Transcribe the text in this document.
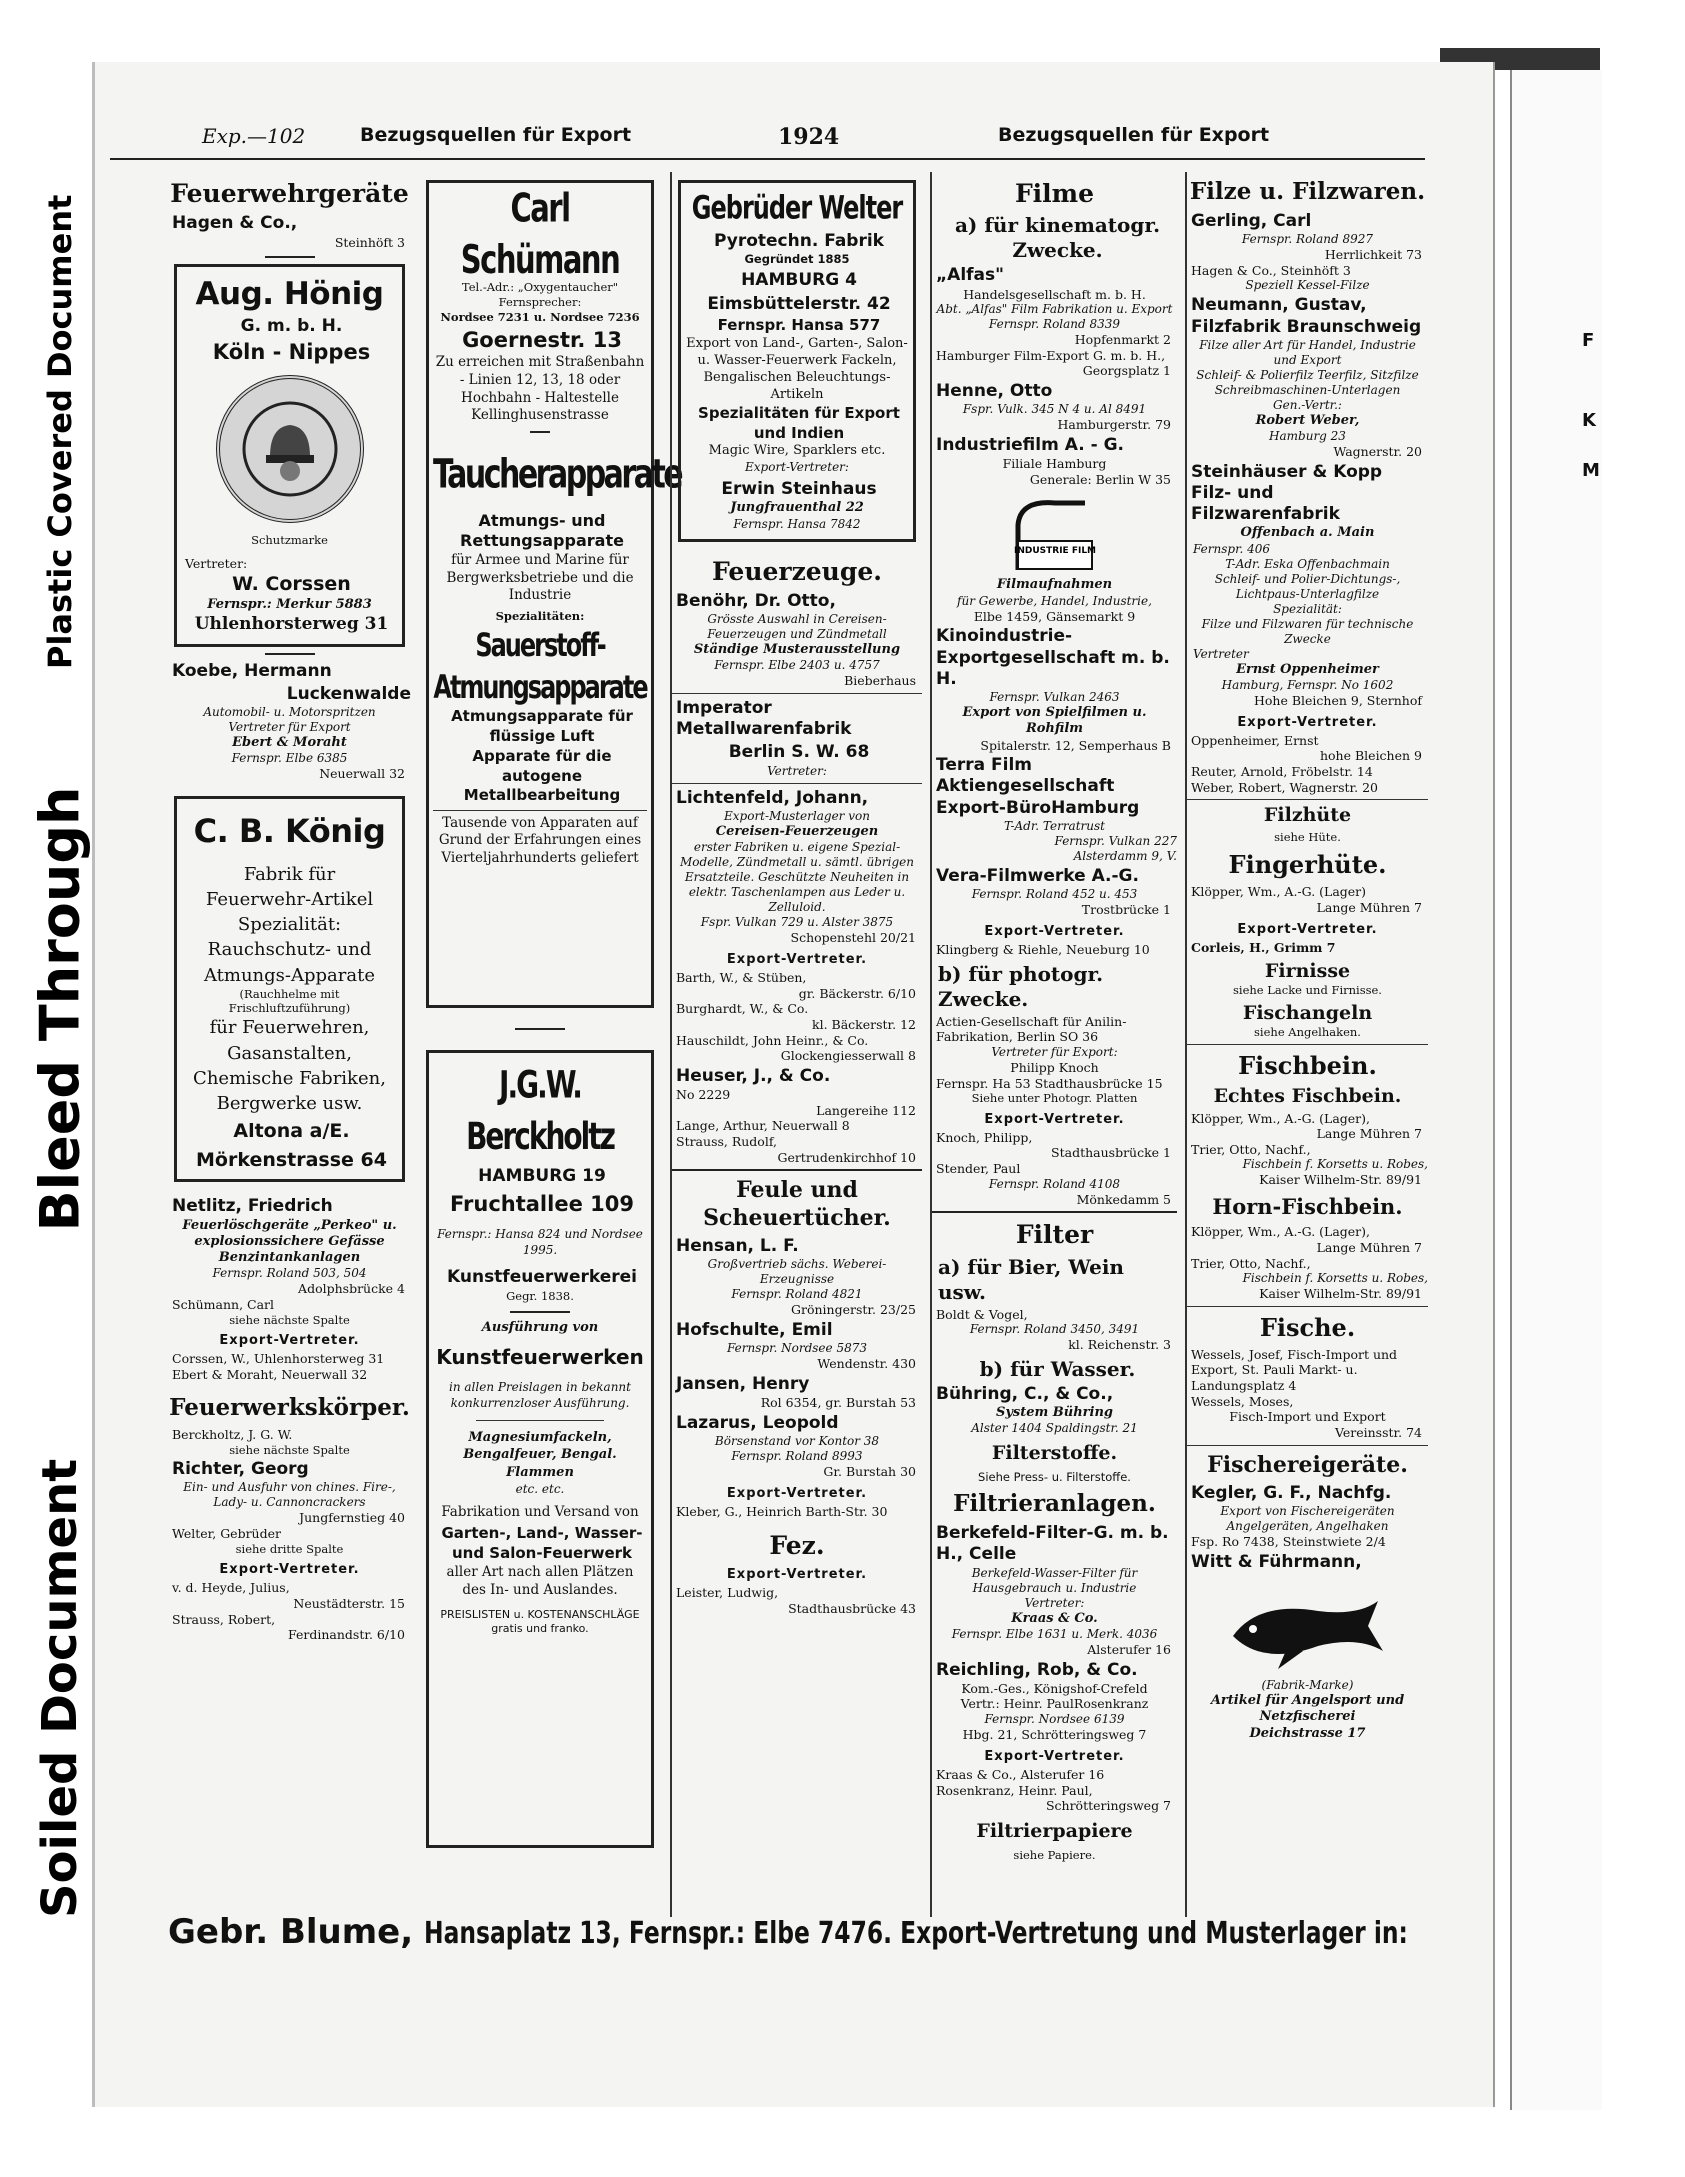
Soiled Document
Bleed Through
Plastic Covered Document	F
K
M
Exp.—102	Bezugsquellen für Export	1924	Bezugsquellen für Export
Feuerwehrgeräte
Hagen & Co.,

Steinhöft 3

Aug. Hönig
G. m. b. H.
Köln - Nippes

Schutzmarke

Vertreter:

W. Corssen

Fernspr.: Merkur 5883

Uhlenhorsterweg 31
Koebe, Hermann
Luckenwalde

Automobil- u. Motorspritzen

Vertreter für Export

Ebert & Moraht

Fernspr. Elbe 6385

Neuerwall 32

C. B. König
Fabrik für
Feuerwehr-Artikel
Spezialität:
Rauchschutz- und
Atmungs-Apparate
(Rauchhelme mit Frischluftzuführung)
für Feuerwehren,
Gasanstalten,
Chemische Fabriken,
Bergwerke usw.
Altona a/E.
Mörkenstrasse 64
Netlitz, Friedrich

Feuerlöschgeräte „Perkeo" u. explosionssichere Gefässe Benzintankanlagen

Fernspr. Roland 503, 504

Adolphsbrücke 4

Schümann, Carl

siehe nächste Spalte

Export-Vertreter.

Corssen, W., Uhlenhorsterweg 31

Ebert & Moraht, Neuerwall 32

Feuerwerkskörper.

Berckholtz, J. G. W.

siehe nächste Spalte

Richter, Georg

Ein- und Ausfuhr von chines. Fire-, Lady- u. Cannoncrackers

Jungfernstieg 40

Welter, Gebrüder

siehe dritte Spalte

Export-Vertreter.

v. d. Heyde, Julius,

Neustädterstr. 15

Strauss, Robert,

Ferdinandstr. 6/10

Carl Schümann
Tel.-Adr.: „Oxygentaucher"
Fernsprecher:
Nordsee 7231 u. Nordsee 7236
Goernestr. 13
Zu erreichen mit Straßenbahn - Linien 12, 13, 18 oder Hochbahn - Haltestelle Kellinghusenstrasse
Taucherapparate
Atmungs- und Rettungsapparate
für Armee und Marine für Bergwerksbetriebe und die Industrie
Spezialitäten:
Sauerstoff-Atmungsapparate
Atmungsapparate für flüssige Luft
Apparate für die autogene Metallbearbeitung
Tausende von Apparaten auf Grund der Erfahrungen eines Vierteljahrhunderts geliefert
J.G.W. Berckholtz
HAMBURG 19
Fruchtallee 109
Fernspr.: Hansa 824 und Nordsee 1995.
Kunstfeuerwerkerei
Gegr. 1838.
Ausführung von
Kunstfeuerwerken
in allen Preislagen in bekannt konkurrenzloser Ausführung.
Magnesiumfackeln, Bengalfeuer, Bengal. Flammen
etc. etc.
Fabrikation und Versand von
Garten-, Land-, Wasser- und Salon-Feuerwerk
aller Art nach allen Plätzen des In- und Auslandes.
PREISLISTEN u. KOSTENANSCHLÄGE gratis und franko.
Gebrüder Welter
Pyrotechn. Fabrik
Gegründet 1885
HAMBURG 4
Eimsbüttelerstr. 42
Fernspr. Hansa 577
Export von Land-, Garten-, Salon- u. Wasser-Feuerwerk Fackeln, Bengalischen Beleuchtungs-Artikeln
Spezialitäten für Export und Indien
Magic Wire, Sparklers etc.
Export-Vertreter:
Erwin Steinhaus
Jungfrauenthal 22
Fernspr. Hansa 7842
Feuerzeuge.
Benöhr, Dr. Otto,

Grösste Auswahl in Cereisen-Feuerzeugen und Zündmetall

Ständige Musterausstellung

Fernspr. Elbe 2403 u. 4757

Bieberhaus

Imperator Metallwarenfabrik
Berlin S. W. 68

Vertreter:

Lichtenfeld, Johann,

Export-Musterlager von

Cereisen-Feuerzeugen

erster Fabriken u. eigene Spezial-Modelle, Zündmetall u. sämtl. übrigen Ersatzteile. Geschützte Neuheiten in elektr. Taschenlampen aus Leder u. Zelluloid.

Fspr. Vulkan 729 u. Alster 3875

Schopenstehl 20/21

Export-Vertreter.

Barth, W., & Stüben,

gr. Bäckerstr. 6/10

Burghardt, W., & Co.

kl. Bäckerstr. 12

Hauschildt, John Heinr., & Co.

Glockengiesserwall 8

Heuser, J., & Co.

No 2229

Langereihe 112

Lange, Arthur, Neuerwall 8

Strauss, Rudolf,

Gertrudenkirchhof 10

Feule und Scheuertücher.
Hensan, L. F.

Großvertrieb sächs. Weberei-Erzeugnisse

Fernspr. Roland 4821

Gröningerstr. 23/25

Hofschulte, Emil

Fernspr. Nordsee 5873

Wendenstr. 430

Jansen, Henry

Rol 6354, gr. Burstah 53

Lazarus, Leopold

Börsenstand vor Kontor 38

Fernspr. Roland 8993

Gr. Burstah 30

Export-Vertreter.

Kleber, G., Heinrich Barth-Str. 30

Fez.
Export-Vertreter.

Leister, Ludwig,

Stadthausbrücke 43

Filme
a) für kinematogr. Zwecke.
„Alfas"

Handelsgesellschaft m. b. H.

Abt. „Alfas" Film Fabrikation u. Export

Fernspr. Roland 8339

Hopfenmarkt 2

Hamburger Film-Export G. m. b. H.,

Georgsplatz 1

Henne, Otto

Fspr. Vulk. 345 N 4 u. Al 8491

Hamburgerstr. 79

Industriefilm A. - G.

Filiale Hamburg

Generale: Berlin W 35

INDUSTRIE FILM

Filmaufnahmen

für Gewerbe, Handel, Industrie,

Elbe 1459, Gänsemarkt 9

Kinoindustrie-Exportgesellschaft m. b. H.

Fernspr. Vulkan 2463

Export von Spielfilmen u. Rohfilm

Spitalerstr. 12, Semperhaus B

Terra Film Aktiengesellschaft Export-BüroHamburg

T-Adr. Terratrust

Fernspr. Vulkan 227

Alsterdamm 9, V.

Vera-Filmwerke A.-G.

Fernspr. Roland 452 u. 453

Trostbrücke 1

Export-Vertreter.

Klingberg & Riehle, Neueburg 10

b) für photogr. Zwecke.

Actien-Gesellschaft für Anilin-Fabrikation, Berlin SO 36

Vertreter für Export:

Philipp Knoch

Fernspr. Ha 53 Stadthausbrücke 15

Siehe unter Photogr. Platten

Export-Vertreter.

Knoch, Philipp,

Stadthausbrücke 1

Stender, Paul

Fernspr. Roland 4108

Mönkedamm 5

Filter
a) für Bier, Wein usw.

Boldt & Vogel,

Fernspr. Roland 3450, 3491

kl. Reichenstr. 3

b) für Wasser.
Bühring, C., & Co.,

System Bühring

Alster 1404 Spaldingstr. 21

Filterstoffe.

Siehe Press- u. Filterstoffe.

Filtrieranlagen.
Berkefeld-Filter-G. m. b. H., Celle

Berkefeld-Wasser-Filter für Hausgebrauch u. Industrie

Vertreter:

Kraas & Co.

Fernspr. Elbe 1631 u. Merk. 4036

Alsterufer 16

Reichling, Rob, & Co.

Kom.-Ges., Königshof-Crefeld

Vertr.: Heinr. PaulRosenkranz

Fernspr. Nordsee 6139

Hbg. 21, Schrötteringsweg 7

Export-Vertreter.

Kraas & Co., Alsterufer 16

Rosenkranz, Heinr. Paul,

Schrötteringsweg 7

Filtrierpapiere

siehe Papiere.

Filze u. Filzwaren.
Gerling, Carl

Fernspr. Roland 8927

Herrlichkeit 73

Hagen & Co., Steinhöft 3

Speziell Kessel-Filze

Neumann, Gustav, Filzfabrik Braunschweig

Filze aller Art für Handel, Industrie und Export

Schleif- & Polierfilz Teerfilz, Sitzfilze Schreibmaschinen-Unterlagen

Gen.-Vertr.:

Robert Weber,

Hamburg 23

Wagnerstr. 20

Steinhäuser & Kopp Filz- und Filzwarenfabrik

Offenbach a. Main

Fernspr. 406

T-Adr. Eska Offenbachmain

Schleif- und Polier-Dichtungs-, Lichtpaus-Unterlagfilze

Spezialität:

Filze und Filzwaren für technische Zwecke

Vertreter

Ernst Oppenheimer

Hamburg, Fernspr. No 1602

Hohe Bleichen 9, Sternhof

Export-Vertreter.

Oppenheimer, Ernst

hohe Bleichen 9

Reuter, Arnold, Fröbelstr. 14

Weber, Robert, Wagnerstr. 20

Filzhüte

siehe Hüte.

Fingerhüte.

Klöpper, Wm., A.-G. (Lager)

Lange Mühren 7

Export-Vertreter.

Corleis, H., Grimm 7

Firnisse

siehe Lacke und Firnisse.

Fischangeln

siehe Angelhaken.

Fischbein.
Echtes Fischbein.

Klöpper, Wm., A.-G. (Lager),

Lange Mühren 7

Trier, Otto, Nachf.,

Fischbein f. Korsetts u. Robes,

Kaiser Wilhelm-Str. 89/91

Horn-Fischbein.

Klöpper, Wm., A.-G. (Lager),

Lange Mühren 7

Trier, Otto, Nachf.,

Fischbein f. Korsetts u. Robes,

Kaiser Wilhelm-Str. 89/91

Fische.

Wessels, Josef, Fisch-Import und Export, St. Pauli Markt- u. Landungsplatz 4

Wessels, Moses,

Fisch-Import und Export

Vereinsstr. 74

Fischereigeräte.
Kegler, G. F., Nachfg.

Export von Fischereigeräten Angelgeräten, Angelhaken

Fsp. Ro 7438, Steinstwiete 2/4

Witt & Führmann,

(Fabrik-Marke)

Artikel für Angelsport und Netzfischerei

Deichstrasse 17

Gebr. Blume, Hansaplatz 13, Fernspr.: Elbe 7476. Export-Vertretung und Musterlager in:
